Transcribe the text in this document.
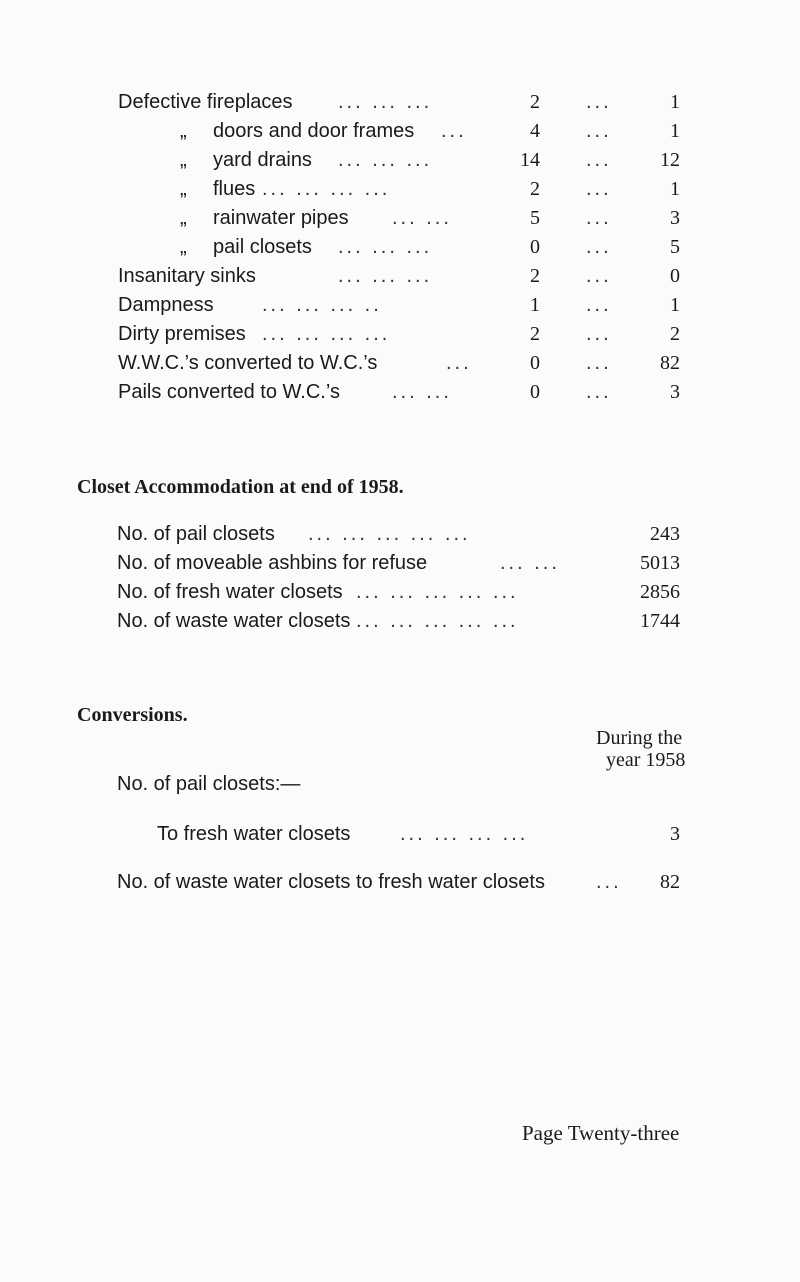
Defective fireplaces ... ... ...	2 ...	1
„ doors and door frames ...	4 ...	1
„ yard drains ... ... ...	14 ...	12
„ flues ... ... ... ...	2 ...	1
„ rainwater pipes ... ...	5 ...	3
„ pail closets ... ... ...	0 ...	5
Insanitary sinks	... ... ...	2 ...	0
Dampness ... ... ... ..	1 ...	1
Dirty premises ... ... ... ...	2 ...	2
W.W.C.’s converted to W.C.’s	...	0 ...	82
Pails converted to W.C.’s	... ...	0 ...	3
Closet Accommodation at end of 1958.
No. of pail closets ... ... ... ... ...	243
No. of moveable ashbins for refuse	... ...	5013
No. of fresh water closets ... ... ... ... ...	2856
No. of waste water closets ... ... ... ... ...	1744
Conversions.
During the
year 1958
No. of pail closets:—
To fresh water closets ... ... ... ...	3
No. of waste water closets to fresh water closets	...	82
Page Twenty-three
